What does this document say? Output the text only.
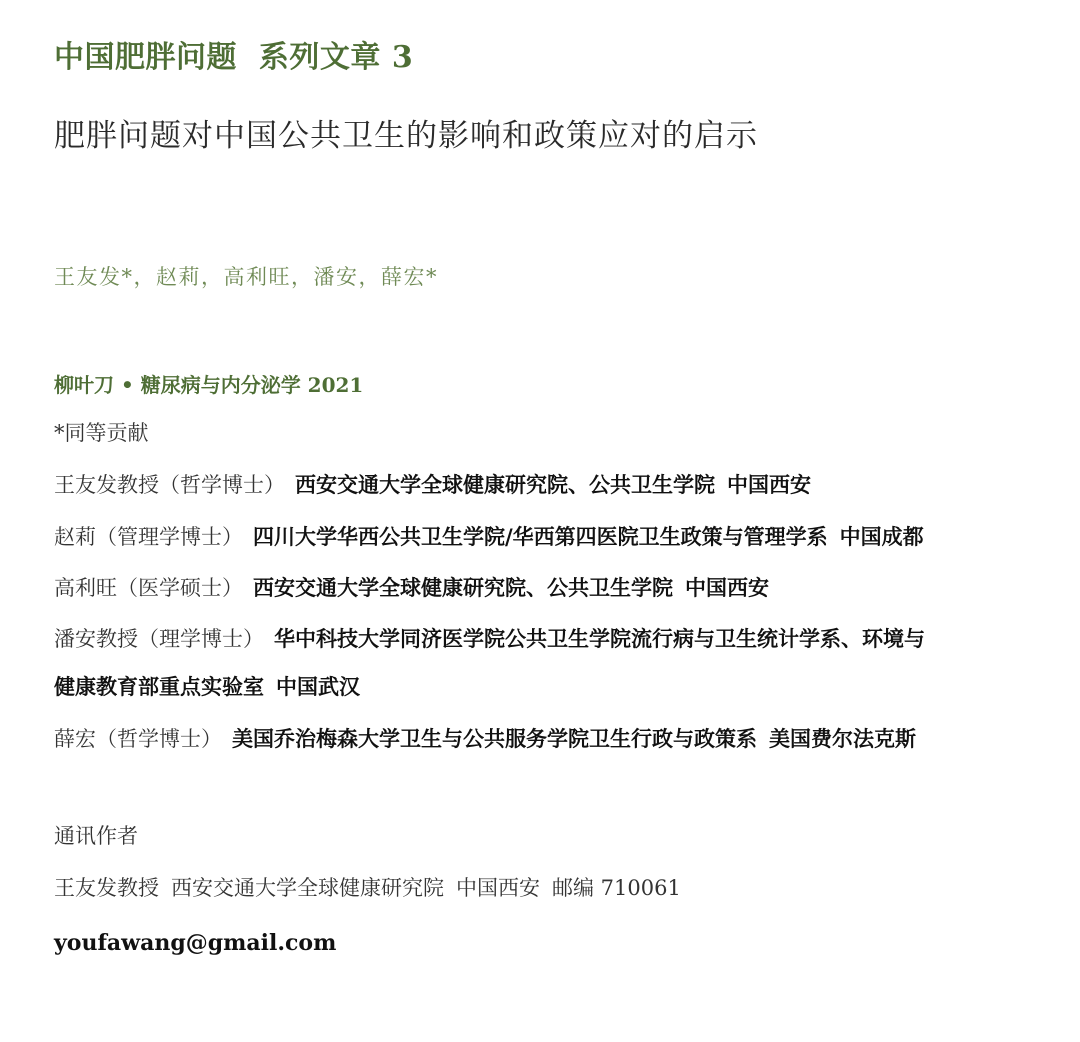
中国肥胖问题  系列文章 3
肥胖问题对中国公共卫生的影响和政策应对的启示
王友发*，赵莉，高利旺，潘安，薛宏*
柳叶刀 • 糖尿病与内分泌学 2021
*同等贡献
王友发教授（哲学博士） 西安交通大学全球健康研究院、公共卫生学院 中国西安
赵莉（管理学博士） 四川大学华西公共卫生学院/华西第四医院卫生政策与管理学系 中国成都
高利旺（医学硕士） 西安交通大学全球健康研究院、公共卫生学院 中国西安
潘安教授（理学博士） 华中科技大学同济医学院公共卫生学院流行病与卫生统计学系、环境与
健康教育部重点实验室 中国武汉
薛宏（哲学博士） 美国乔治梅森大学卫生与公共服务学院卫生行政与政策系 美国费尔法克斯
通讯作者
王友发教授 西安交通大学全球健康研究院 中国西安 邮编 710061
youfawang@gmail.com
